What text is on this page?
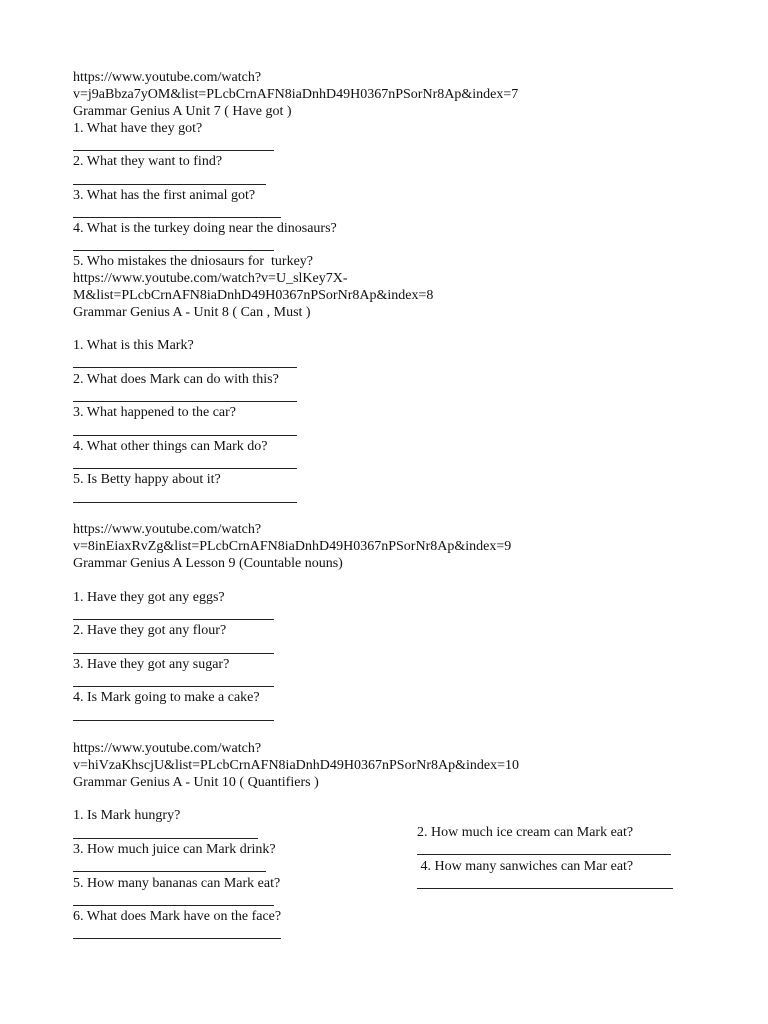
https://www.youtube.com/watch?
v=j9aBbza7yOM&list=PLcbCrnAFN8iaDnhD49H0367nPSorNr8Ap&index=7
Grammar Genius A Unit 7 ( Have got )
1. What have they got?
2. What they want to find?
3. What has the first animal got?
4. What is the turkey doing near the dinosaurs?
5. Who mistakes the dniosaurs for  turkey?
https://www.youtube.com/watch?v=U_slKey7X-
M&list=PLcbCrnAFN8iaDnhD49H0367nPSorNr8Ap&index=8
Grammar Genius A - Unit 8 ( Can , Must )
1. What is this Mark?
2. What does Mark can do with this?
3. What happened to the car?
4. What other things can Mark do?
5. Is Betty happy about it?
https://www.youtube.com/watch?
v=8inEiaxRvZg&list=PLcbCrnAFN8iaDnhD49H0367nPSorNr8Ap&index=9
Grammar Genius A Lesson 9 (Countable nouns)
1. Have they got any eggs?
2. Have they got any flour?
3. Have they got any sugar?
4. Is Mark going to make a cake?
https://www.youtube.com/watch?
v=hiVzaKhscjU&list=PLcbCrnAFN8iaDnhD49H0367nPSorNr8Ap&index=10
Grammar Genius A - Unit 10 ( Quantifiers )
1. Is Mark hungry?
3. How much juice can Mark drink?
5. How many bananas can Mark eat?
6. What does Mark have on the face?
2. How much ice cream can Mark eat?
4. How many sanwiches can Mar eat?
